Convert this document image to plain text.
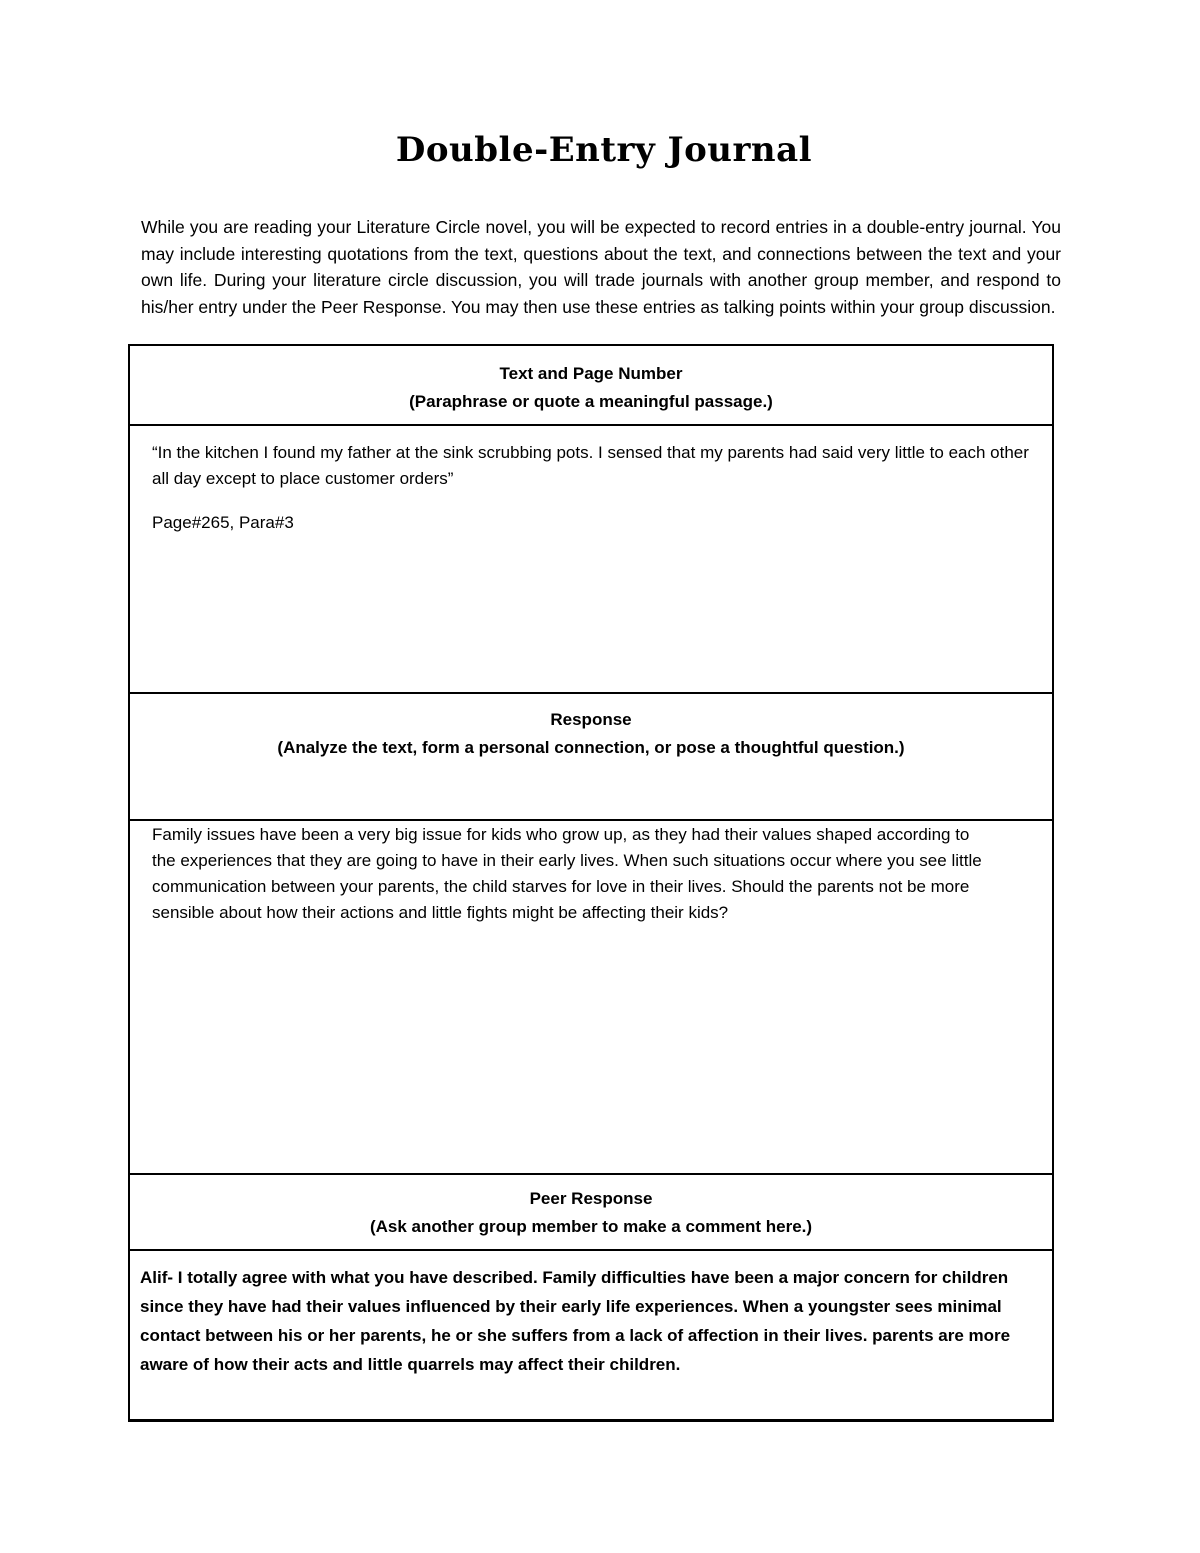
Double-Entry Journal

While you are reading your Literature Circle novel, you will be expected to record entries in a double-entry journal. You may include interesting quotations from the text, questions about the text, and connections between the text and your own life. During your literature circle discussion, you will trade journals with another group member, and respond to his/her entry under the Peer Response. You may then use these entries as talking points within your group discussion.

Text and Page Number
(Paraphrase or quote a meaningful passage.)

“In the kitchen I found my father at the sink scrubbing pots. I sensed that my parents had said very little to each other all day except to place customer orders”

Page#265, Para#3

Response
(Analyze the text, form a personal connection, or pose a thoughtful question.)

Family issues have been a very big issue for kids who grow up, as they had their values shaped according to the experiences that they are going to have in their early lives. When such situations occur where you see little communication between your parents, the child starves for love in their lives. Should the parents not be more sensible about how their actions and little fights might be affecting their kids?

Peer Response
(Ask another group member to make a comment here.)

Alif- I totally agree with what you have described. Family difficulties have been a major concern for children since they have had their values influenced by their early life experiences. When a youngster sees minimal contact between his or her parents, he or she suffers from a lack of affection in their lives. parents are more aware of how their acts and little quarrels may affect their children.
